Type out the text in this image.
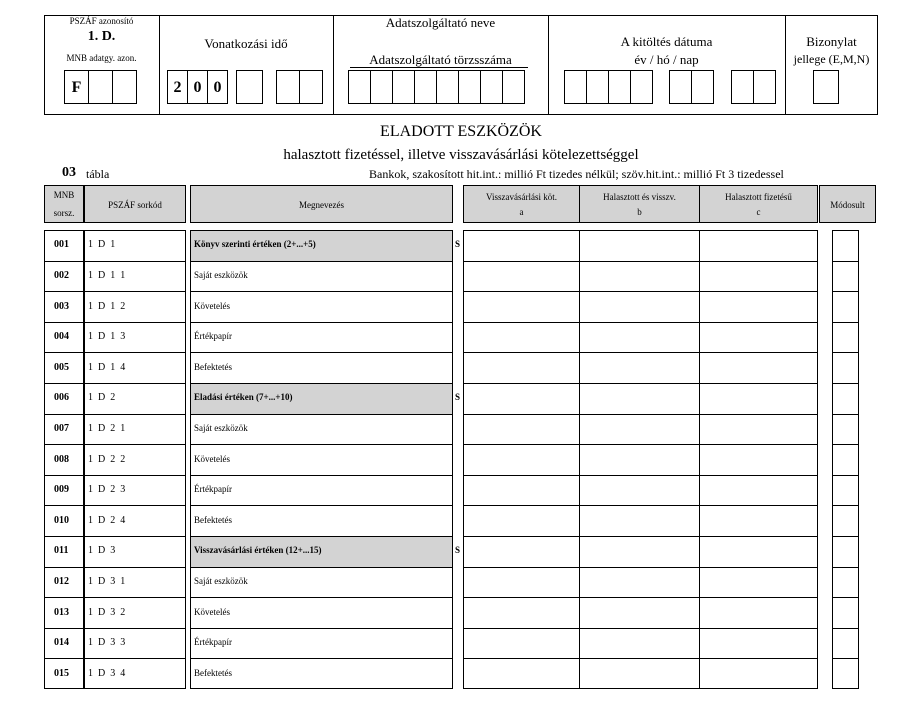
PSZÁF azonosító
1. D.
MNB adatgy. azon.
F
Vonatkozási idő
2 0 0
Adatszolgáltató neve
Adatszolgáltató törzsszáma
A kitöltés dátuma
év / hó / nap
Bizonylat
jellege (E,M,N)
ELADOTT ESZKÖZÖK
halasztott fizetéssel, illetve visszavásárlási kötelezettséggel
03 tábla	Bankok, szakosított hit.int.: millió Ft tizedes nélkül; szöv.hit.int.: millió Ft 3 tizedessel
MNB
sorsz.
PSZÁF sorkód	Megnevezés
Visszavásárlási köt.
a
Halasztott és visszv.
b
Halasztott fizetésű
c
Módosult
001 1  D  1	Könyv szerinti értéken (2+...+5)	S
002 1  D  1  1	Saját eszközök
003 1  D  1  2	Követelés
004 1  D  1  3	Értékpapír
005 1  D  1  4	Befektetés
006 1  D  2	Eladási értéken (7+...+10)	S
007 1  D  2  1	Saját eszközök
008 1  D  2  2	Követelés
009 1  D  2  3	Értékpapír
010 1  D  2  4	Befektetés
011 1  D  3	Visszavásárlási értéken (12+...15)	S
012 1  D  3  1	Saját eszközök
013 1  D  3  2	Követelés
014 1  D  3  3	Értékpapír
015 1  D  3  4	Befektetés
